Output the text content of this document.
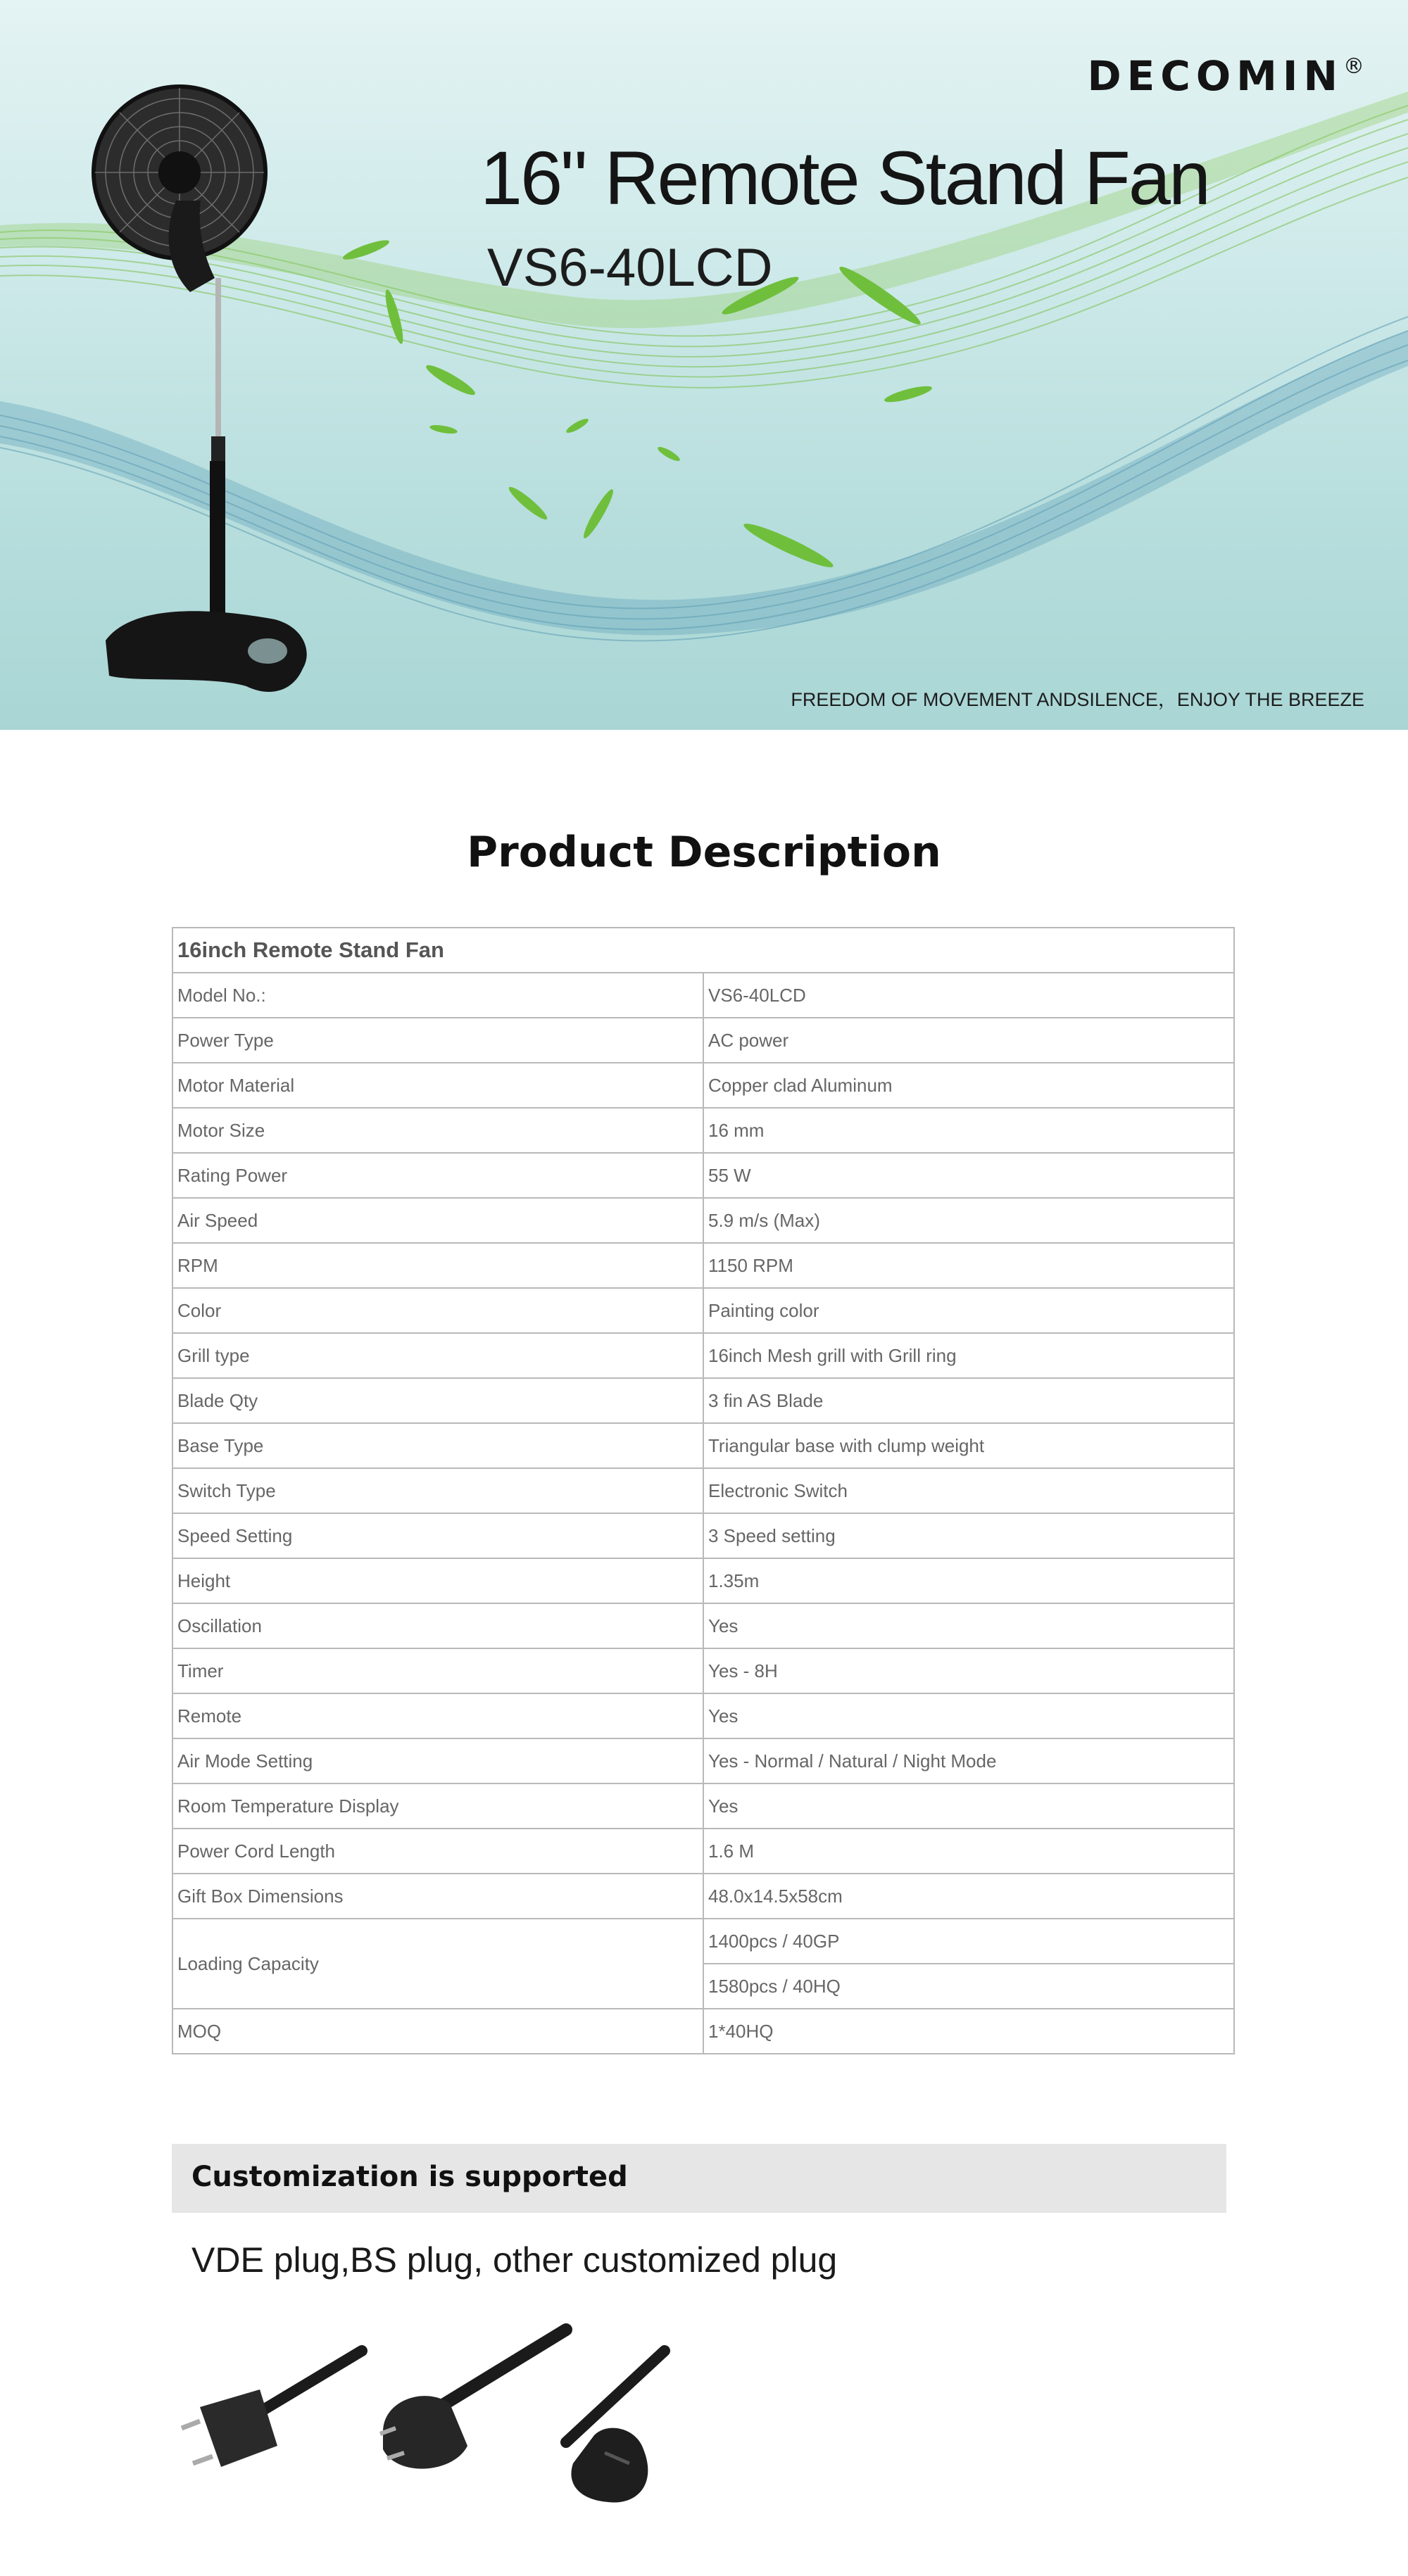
DECOMIN®
16" Remote Stand Fan
VS6-40LCD
FREEDOM OF MOVEMENT ANDSILENCE，ENJOY THE BREEZE
Product Description
16inch Remote Stand Fan	
Model No.:	VS6-40LCD
Power Type	AC power
Motor Material	Copper clad Aluminum
Motor Size	16 mm
Rating Power	55 W
Air Speed	5.9 m/s (Max)
RPM	1150 RPM
Color	Painting color
Grill type	16inch Mesh grill with Grill ring
Blade Qty	3 fin AS Blade
Base Type	Triangular base with clump weight
Switch Type	Electronic Switch
Speed Setting	3 Speed setting
Height	1.35m
Oscillation	Yes
Timer	Yes - 8H
Remote	Yes
Air Mode Setting	Yes - Normal / Natural / Night Mode
Room Temperature Display	Yes
Power Cord Length	1.6 M
Gift Box Dimensions	48.0x14.5x58cm
Loading Capacity	1400pcs / 40GP
	1580pcs / 40HQ
MOQ	1*40HQ
Customization is supported
VDE plug,BS plug, other customized plug
